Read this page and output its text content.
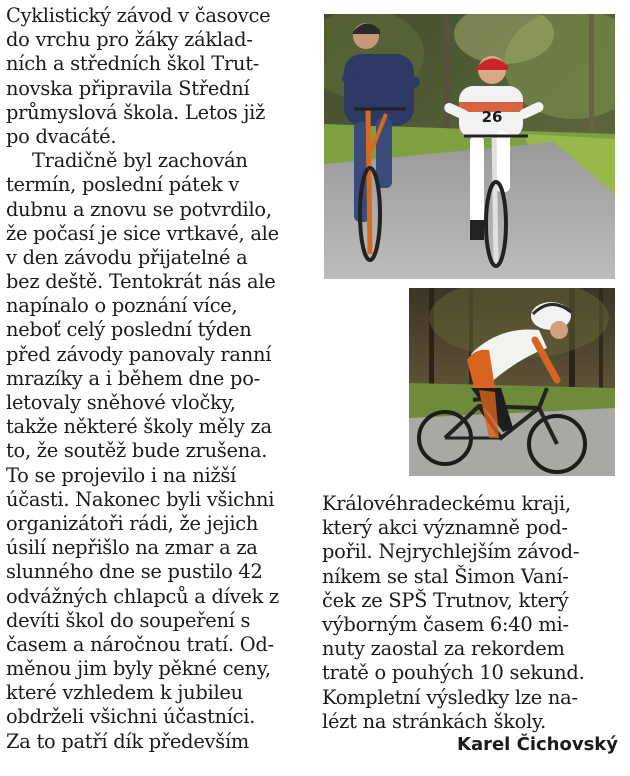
Cyklistický závod v časovce
do vrchu pro žáky základ-
ních a středních škol Trut-
novska připravila Střední
průmyslová škola. Letos již
po dvacáté.
Tradičně byl zachován
termín, poslední pátek v
dubnu a znovu se potvrdilo,
že počasí je sice vrtkavé, ale
v den závodu přijatelné a
bez deště. Tentokrát nás ale
napínalo o poznání více,
neboť celý poslední týden
před závody panovaly ranní
mrazíky a i během dne po-
letovaly sněhové vločky,
takže některé školy měly za
to, že soutěž bude zrušena.
To se projevilo i na nižší
účasti. Nakonec byli všichni
organizátoři rádi, že jejich
úsilí nepřišlo na zmar a za
slunného dne se pustilo 42
odvážných chlapců a dívek z
devíti škol do soupeření s
časem a náročnou tratí. Od-
měnou jim byly pěkné ceny,
které vzhledem k jubileu
obdrželi všichni účastníci.
Za to patří dík především
Královéhradeckému kraji,
který akci významně pod-
pořil. Nejrychlejším závod-
níkem se stal Šimon Vaní-
ček ze SPŠ Trutnov, který
výborným časem 6:40 mi-
nuty zaostal za rekordem
tratě o pouhých 10 sekund.
Kompletní výsledky lze na-
lézt na stránkách školy.
Karel Čichovský
26
